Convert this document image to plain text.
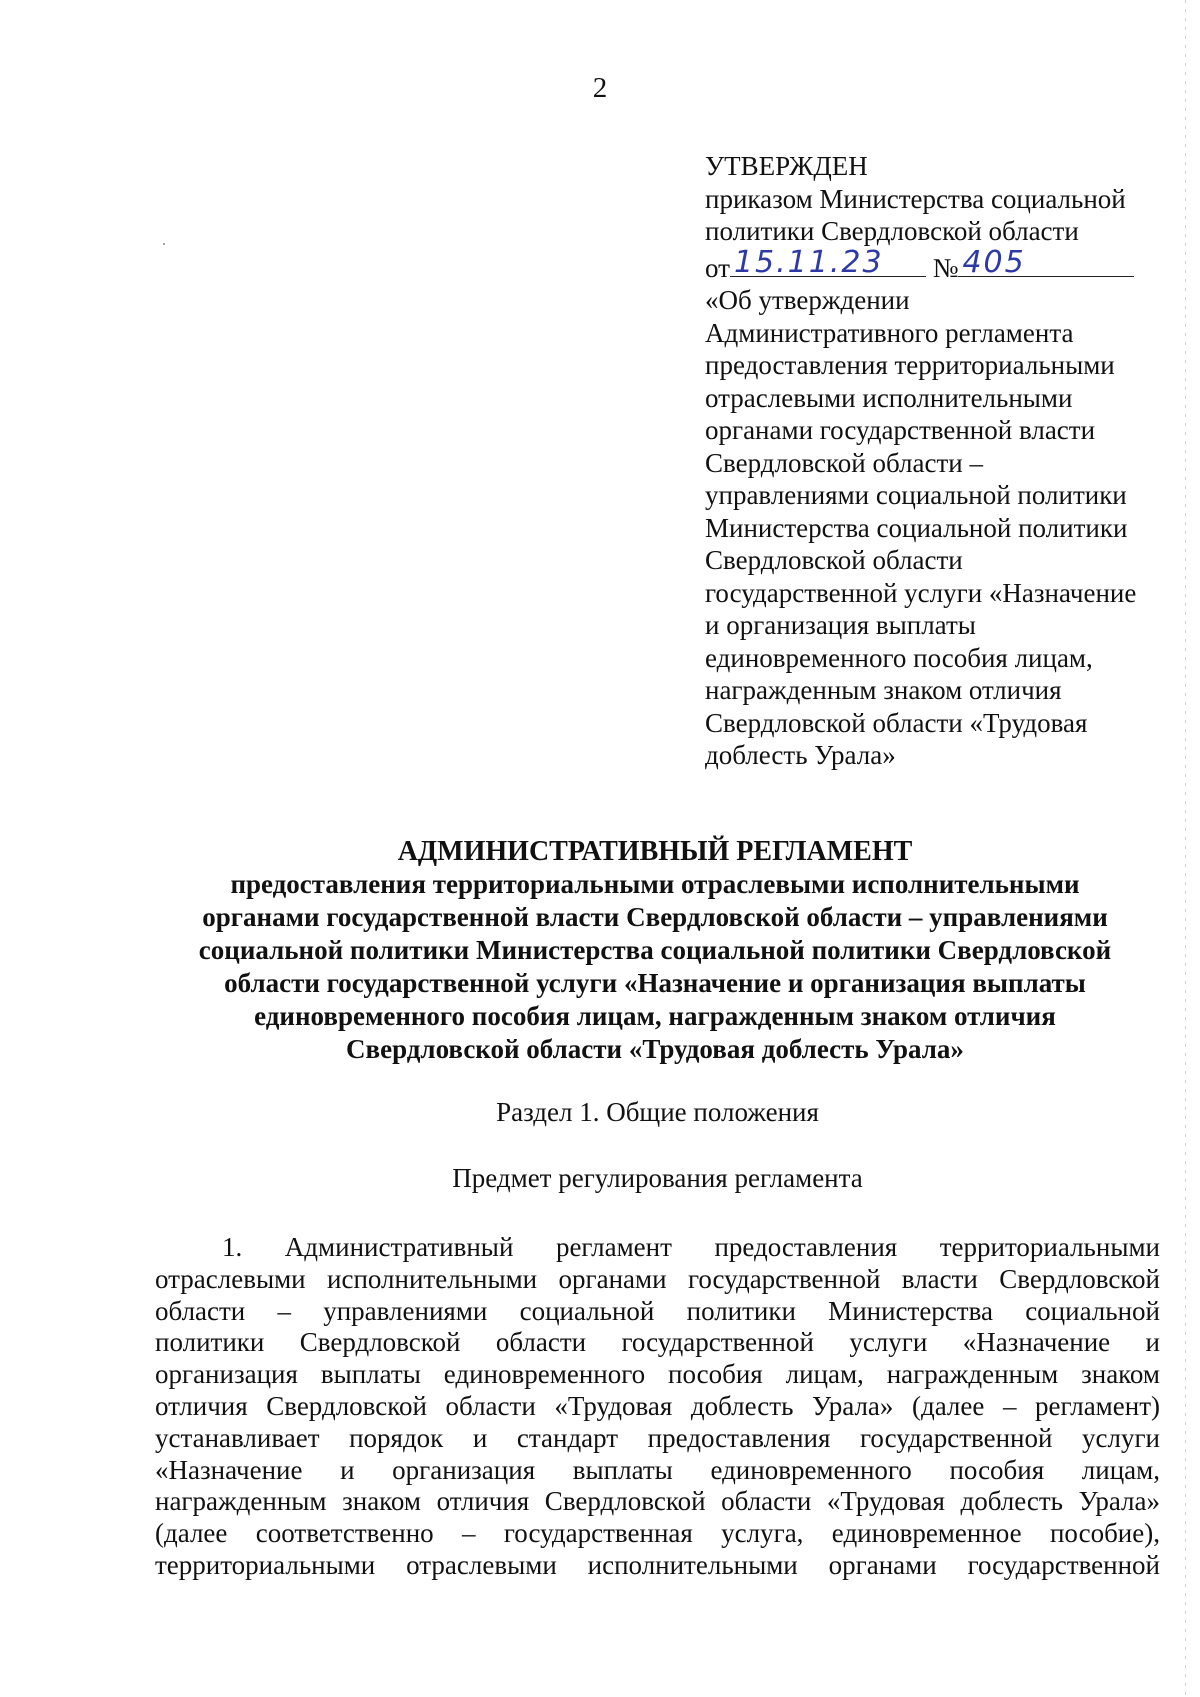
2
УТВЕРЖДЕН
приказом Министерства социальной
политики Свердловской области
от 15.11.23 № 405
«Об утверждении
Административного регламента
предоставления территориальными
отраслевыми исполнительными
органами государственной власти
Свердловской области –
управлениями социальной политики
Министерства социальной политики
Свердловской области
государственной услуги «Назначение
и организация выплаты
единовременного пособия лицам,
награжденным знаком отличия
Свердловской области «Трудовая
доблесть Урала»
АДМИНИСТРАТИВНЫЙ РЕГЛАМЕНТ
предоставления территориальными отраслевыми исполнительными
органами государственной власти Свердловской области – управлениями
социальной политики Министерства социальной политики Свердловской
области государственной услуги «Назначение и организация выплаты
единовременного пособия лицам, награжденным знаком отличия
Свердловской области «Трудовая доблесть Урала»
Раздел 1. Общие положения
Предмет регулирования регламента
1. Административный регламент предоставления территориальными
отраслевыми исполнительными органами государственной власти Свердловской
области – управлениями социальной политики Министерства социальной
политики Свердловской области государственной услуги «Назначение и
организация выплаты единовременного пособия лицам, награжденным знаком
отличия Свердловской области «Трудовая доблесть Урала» (далее – регламент)
устанавливает порядок и стандарт предоставления государственной услуги
«Назначение и организация выплаты единовременного пособия лицам,
награжденным знаком отличия Свердловской области «Трудовая доблесть Урала»
(далее соответственно – государственная услуга, единовременное пособие),
территориальными отраслевыми исполнительными органами государственной
